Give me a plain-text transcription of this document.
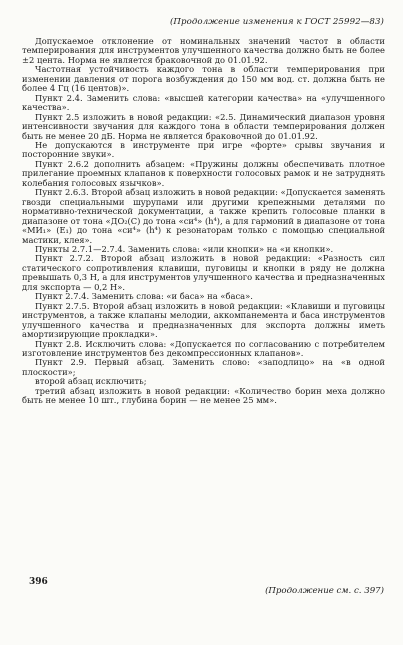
(Продолжение изменения к ГОСТ 25992—83)

Допускаемое отклонение от номинальных значений частот в области темперирования для инструментов улучшенного качества должно быть не более ±2 цента. Норма не является браковочной до 01.01.92.

Частотная устойчивость каждого тона в области темперирования при изменении давления от порога возбуждения до 150 мм вод. ст. должна быть не более 4 Гц (16 центов)».

Пункт 2.4. Заменить слова: «высшей категории качества» на «улучшенного качества».

Пункт 2.5 изложить в новой редакции: «2.5. Динамический диапазон уровня интенсивности звучания для каждого тона в области темперирования должен быть не менее 20 дБ. Норма не является браковочной до 01.01.92.

Не допускаются в инструменте при игре «форте» срывы звучания и посторонние звуки».

Пункт 2.6.2 дополнить абзацем: «Пружины должны обеспечивать плотное прилегание проемных клапанов к поверхности голосовых рамок и не затруднять колебания голосовых язычков».

Пункт 2.6.3. Второй абзац изложить в новой редакции: «Допускается заменять гвозди специальными шурупами или другими крепежными деталями по нормативно-технической документации, а также крепить голосовые планки в диапазоне от тона «ДО₂(С) до тона «си⁴» (h⁴), а для гармоний в диапазоне от тона «МИ₁» (E₁) до тона «си⁴» (h⁴) к резонаторам только с помощью специальной мастики, клея».

Пункты 2.7.1—2.7.4. Заменить слова: «или кнопки» на «и кнопки».

Пункт 2.7.2. Второй абзац изложить в новой редакции: «Разность сил статического сопротивления клавиши, пуговицы и кнопки в ряду не должна превышать 0,3 Н, а для инструментов улучшенного качества и предназначенных для экспорта — 0,2 Н».

Пункт 2.7.4. Заменить слова: «и баса» на «баса».

Пункт 2.7.5. Второй абзац изложить в новой редакции: «Клавиши и пуговицы инструментов, а также клапаны мелодии, аккомпанемента и баса инструментов улучшенного качества и предназначенных для экспорта должны иметь амортизирующие прокладки».

Пункт 2.8. Исключить слова: «Допускается по согласованию с потребителем изготовление инструментов без декомпрессионных клапанов».

Пункт 2.9. Первый абзац. Заменить слово: «заподлицо» на «в одной плоскости»;

второй абзац исключить;

третий абзац изложить в новой редакции: «Количество борин меха должно быть не менее 10 шт., глубина борин — не менее 25 мм».

396
(Продолжение см. с. 397)
